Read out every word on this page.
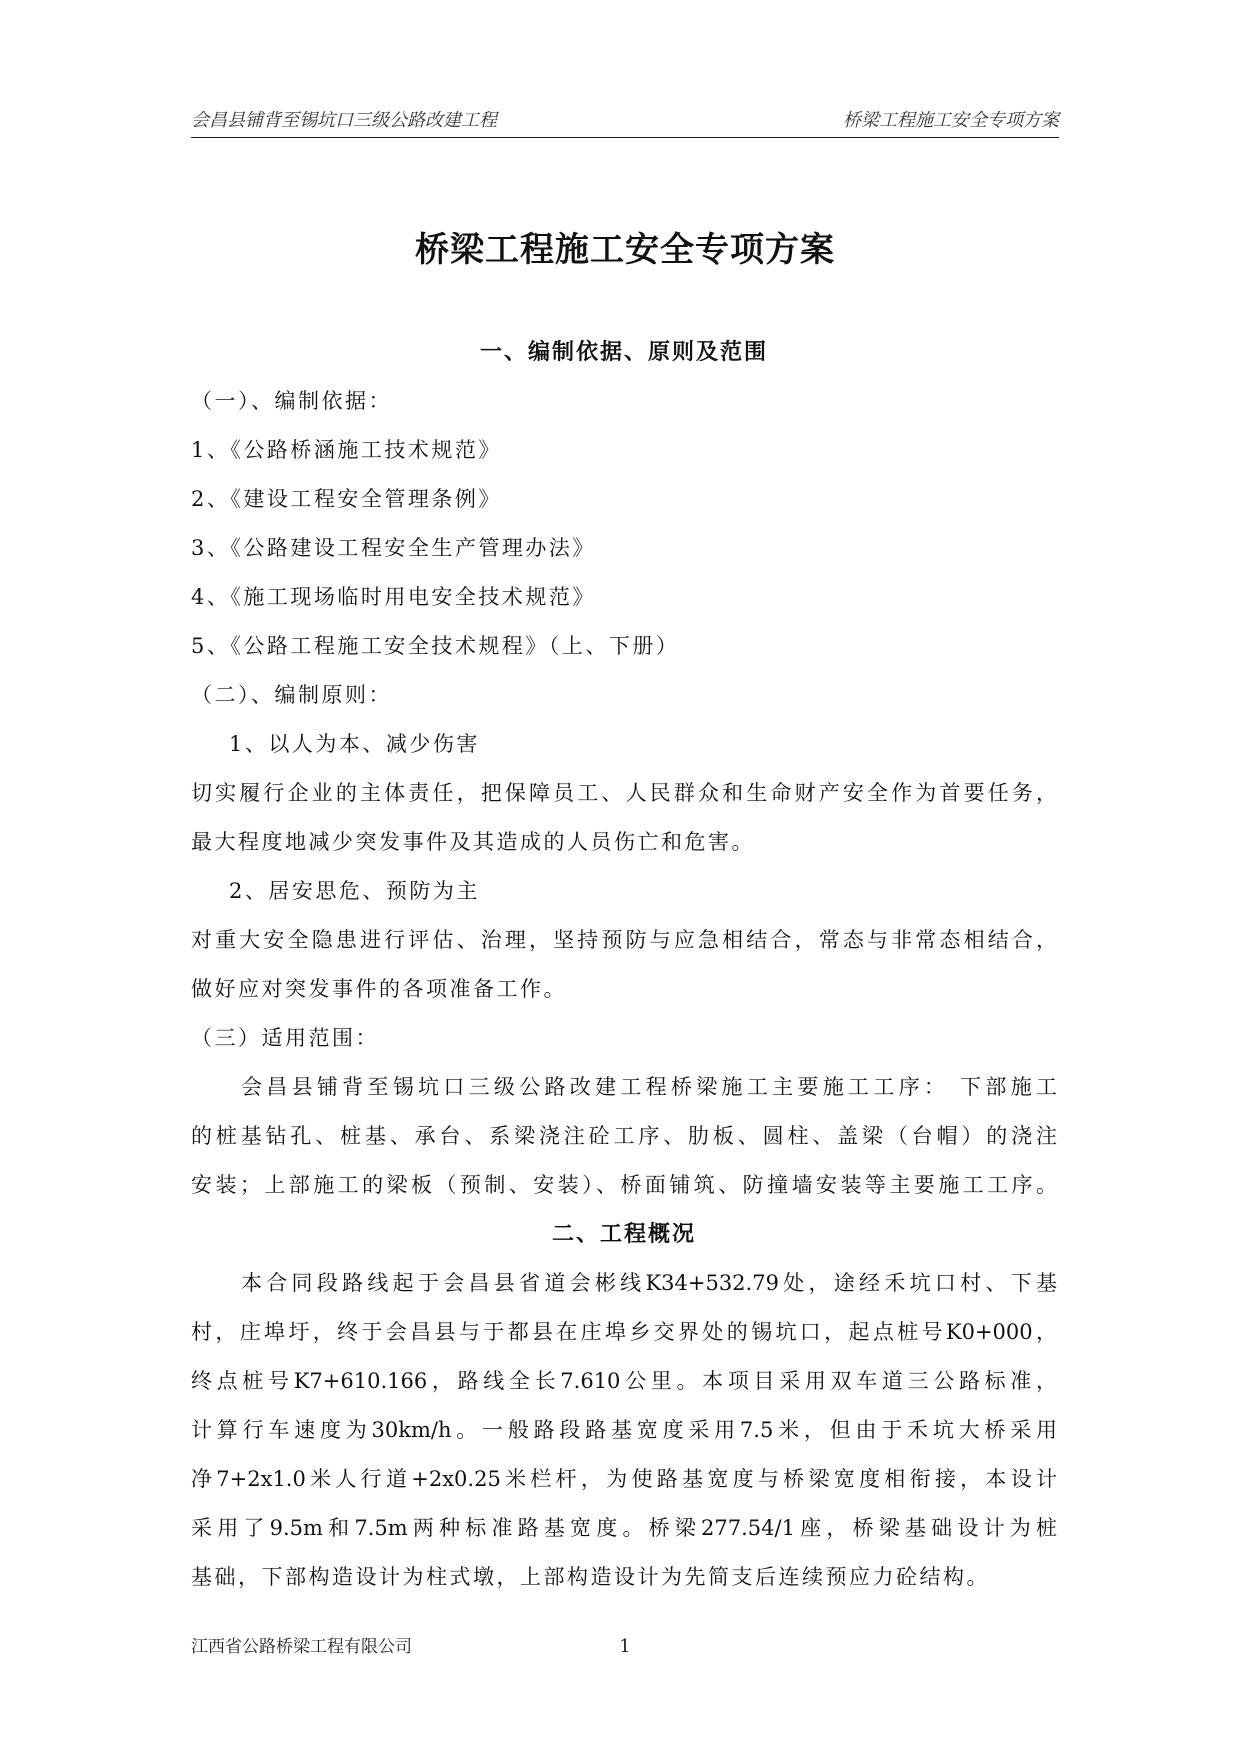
会昌县铺背至锡坑口三级公路改建工程	桥梁工程施工安全专项方案
桥梁工程施工安全专项方案
一、编制依据、原则及范围
（一）、编制依据：
1、《公路桥涵施工技术规范》
2、《建设工程安全管理条例》
3、《公路建设工程安全生产管理办法》
4、《施工现场临时用电安全技术规范》
5、《公路工程施工安全技术规程》（上、下册）
（二）、编制原则：
1、以人为本、减少伤害
切实履行企业的主体责任，把保障员工、人民群众和生命财产安全作为首要任务，
最大程度地减少突发事件及其造成的人员伤亡和危害。
2、居安思危、预防为主
对重大安全隐患进行评估、治理，坚持预防与应急相结合，常态与非常态相结合，
做好应对突发事件的各项准备工作。
（三）适用范围：
会昌县铺背至锡坑口三级公路改建工程桥梁施工主要施工工序： 下部施工
的桩基钻孔、桩基、承台、系梁浇注砼工序、肋板、圆柱、盖梁（台帽）的浇注
安装；上部施工的梁板（预制、安装）、桥面铺筑、防撞墙安装等主要施工工序。
二、工程概况
本合同段路线起于会昌县省道会彬线K34+532.79处，途经禾坑口村、下基
村，庄埠圩，终于会昌县与于都县在庄埠乡交界处的锡坑口，起点桩号K0+000，
终点桩号K7+610.166，路线全长7.610公里。本项目采用双车道三公路标准，
计算行车速度为30km/h。一般路段路基宽度采用7.5米，但由于禾坑大桥采用
净7+2x1.0米人行道+2x0.25米栏杆，为使路基宽度与桥梁宽度相衔接，本设计
采用了9.5m和7.5m两种标准路基宽度。桥梁277.54/1座，桥梁基础设计为桩
基础，下部构造设计为柱式墩，上部构造设计为先简支后连续预应力砼结构。
江西省公路桥梁工程有限公司	1
